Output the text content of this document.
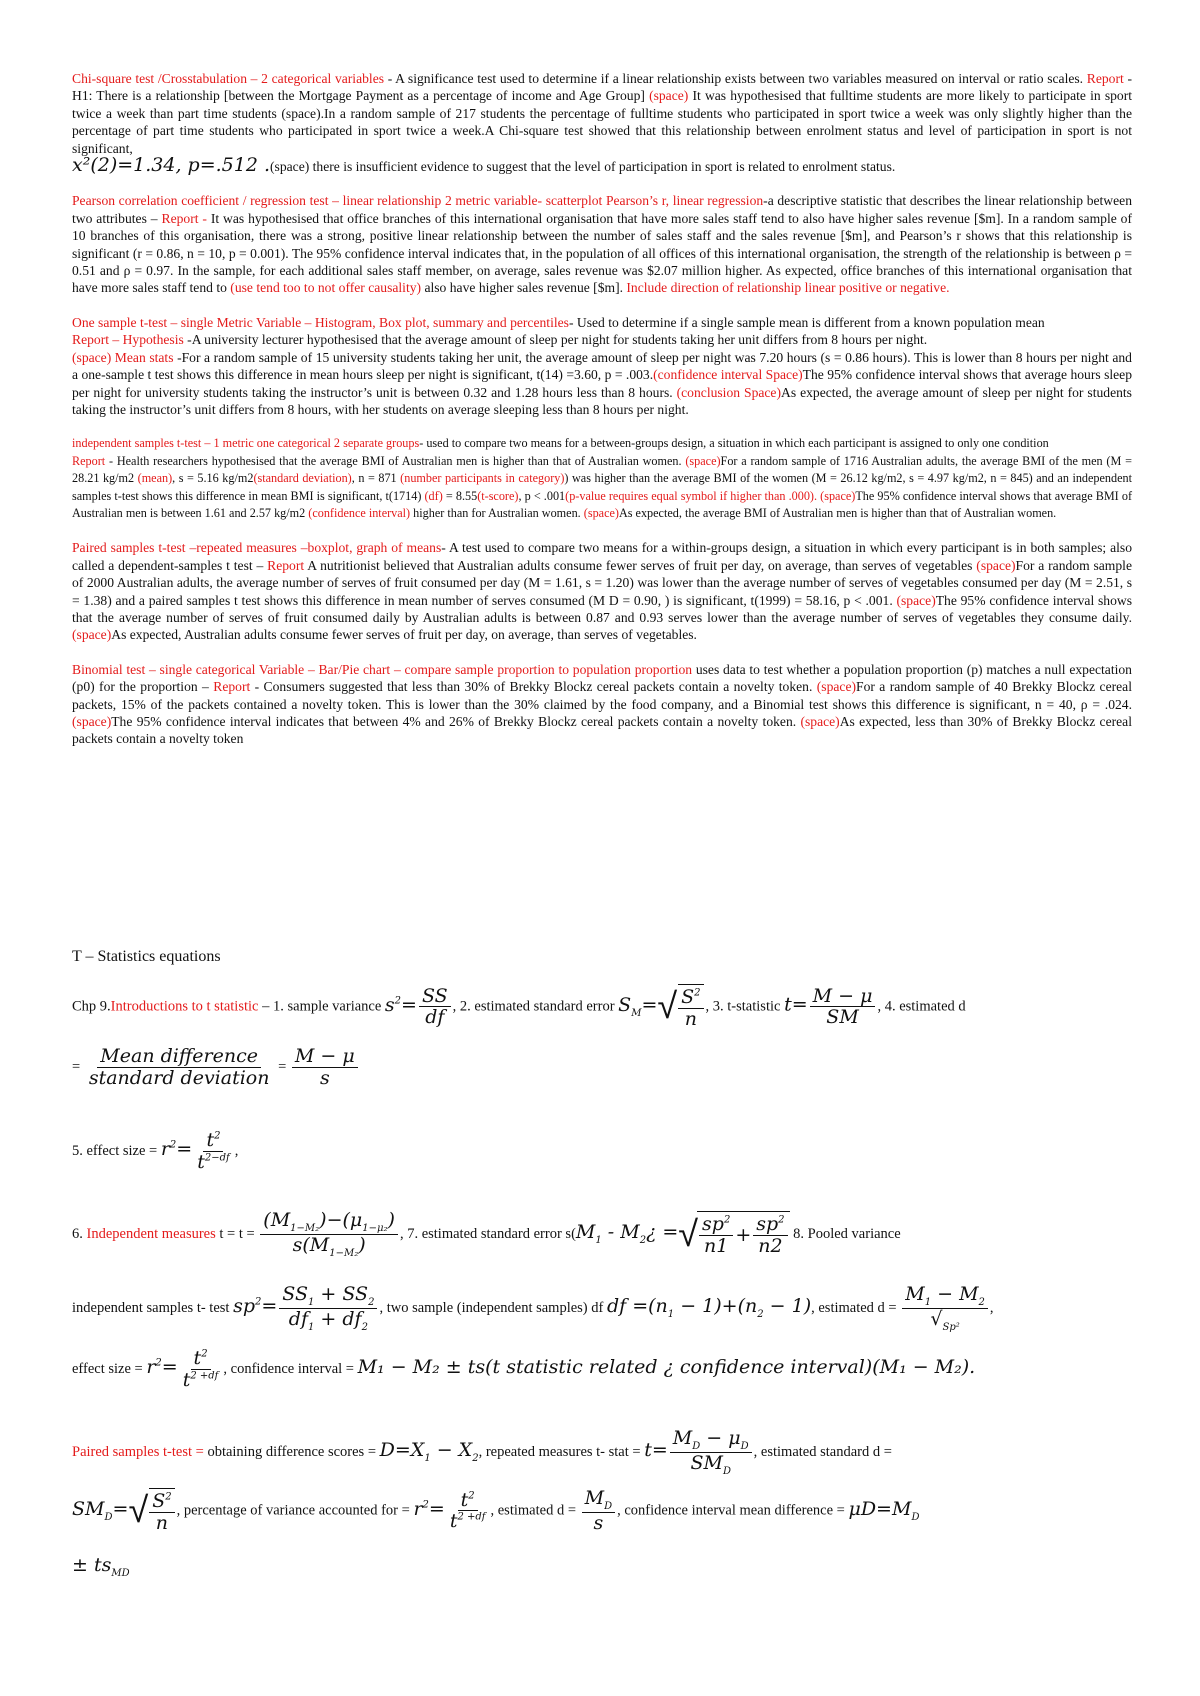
Chi-square test /Crosstabulation – 2 categorical variables - A significance test used to determine if a linear relationship exists between two variables measured on interval or ratio scales. Report - H1: There is a relationship [between the Mortgage Payment as a percentage of income and Age Group] (space) It was hypothesised that fulltime students are more likely to participate in sport twice a week than part time students (space).In a random sample of 217 students the percentage of fulltime students who participated in sport twice a week was only slightly higher than the percentage of part time students who participated in sport twice a week.A Chi-square test showed that this relationship between enrolment status and level of participation in sport is not significant,
x²(2)=1.34, p=.512 .(space) there is insufficient evidence to suggest that the level of participation in sport is related to enrolment status.

Pearson correlation coefficient / regression test – linear relationship 2 metric variable- scatterplot Pearson’s r, linear regression-a descriptive statistic that describes the linear relationship between two attributes – Report - It was hypothesised that office branches of this international organisation that have more sales staff tend to also have higher sales revenue [$m]. In a random sample of 10 branches of this organisation, there was a strong, positive linear relationship between the number of sales staff and the sales revenue [$m], and Pearson’s r shows that this relationship is significant (r = 0.86, n = 10, p = 0.001). The 95% confidence interval indicates that, in the population of all offices of this international organisation, the strength of the relationship is between ρ = 0.51 and ρ = 0.97. In the sample, for each additional sales staff member, on average, sales revenue was $2.07 million higher. As expected, office branches of this international organisation that have more sales staff tend to (use tend too to not offer causality) also have higher sales revenue [$m]. Include direction of relationship linear positive or negative.

One sample t-test – single Metric Variable – Histogram, Box plot, summary and percentiles- Used to determine if a single sample mean is different from a known population mean
Report – Hypothesis -A university lecturer hypothesised that the average amount of sleep per night for students taking her unit differs from 8 hours per night.
(space) Mean stats -For a random sample of 15 university students taking her unit, the average amount of sleep per night was 7.20 hours (s = 0.86 hours). This is lower than 8 hours per night and a one-sample t test shows this difference in mean hours sleep per night is significant, t(14) =3.60, p = .003.(confidence interval Space)The 95% confidence interval shows that average hours sleep per night for university students taking the instructor’s unit is between 0.32 and 1.28 hours less than 8 hours. (conclusion Space)As expected, the average amount of sleep per night for students taking the instructor’s unit differs from 8 hours, with her students on average sleeping less than 8 hours per night.

independent samples t-test – 1 metric one categorical 2 separate groups- used to compare two means for a between-groups design, a situation in which each participant is assigned to only one condition
Report - Health researchers hypothesised that the average BMI of Australian men is higher than that of Australian women. (space)For a random sample of 1716 Australian adults, the average BMI of the men (M = 28.21 kg/m2 (mean), s = 5.16 kg/m2(standard deviation), n = 871 (number participants in category)) was higher than the average BMI of the women (M = 26.12 kg/m2, s = 4.97 kg/m2, n = 845) and an independent samples t-test shows this difference in mean BMI is significant, t(1714) (df) = 8.55(t-score), p < .001(p-value requires equal symbol if higher than .000). (space)The 95% confidence interval shows that average BMI of Australian men is between 1.61 and 2.57 kg/m2 (confidence interval) higher than for Australian women. (space)As expected, the average BMI of Australian men is higher than that of Australian women.

Paired samples t-test –repeated measures –boxplot, graph of means- A test used to compare two means for a within-groups design, a situation in which every participant is in both samples; also called a dependent-samples t test – Report A nutritionist believed that Australian adults consume fewer serves of fruit per day, on average, than serves of vegetables (space)For a random sample of 2000 Australian adults, the average number of serves of fruit consumed per day (M = 1.61, s = 1.20) was lower than the average number of serves of vegetables consumed per day (M = 2.51, s = 1.38) and a paired samples t test shows this difference in mean number of serves consumed (M D = 0.90, ) is significant, t(1999) = 58.16, p < .001. (space)The 95% confidence interval shows that the average number of serves of fruit consumed daily by Australian adults is between 0.87 and 0.93 serves lower than the average number of serves of vegetables they consume daily. (space)As expected, Australian adults consume fewer serves of fruit per day, on average, than serves of vegetables.

Binomial test – single categorical Variable – Bar/Pie chart – compare sample proportion to population proportion uses data to test whether a population proportion (p) matches a null expectation (p0) for the proportion – Report - Consumers suggested that less than 30% of Brekky Blockz cereal packets contain a novelty token. (space)For a random sample of 40 Brekky Blockz cereal packets, 15% of the packets contained a novelty token. This is lower than the 30% claimed by the food company, and a Binomial test shows this difference is significant, n = 40, ρ = .024.(space)The 95% confidence interval indicates that between 4% and 26% of Brekky Blockz cereal packets contain a novelty token. (space)As expected, less than 30% of Brekky Blockz cereal packets contain a novelty token

T – Statistics equations

Chp 9.Introductions to t statistic – 1. sample variance $s^2= \frac{SS}{df}$ , 2. estimated standard error $S_M=$ √ $\frac{S^2}{n}$ , 3. t-statistic $t= \frac{M - \mu}{SM}$ , 4. estimated d
= $\frac{\text{Mean difference}}{\text{standard deviation}} = \frac{M - \mu}{s}$
5. effect size = $r^2= \frac{t^2}{t^{2-df}}$ ,
6. Independent measures $t = t = \frac{(M_{1-M_2})-(\mu_{1-\mu_2})}{s(M_{1-M_2})}$ , 7. estimated standard error $s(M_1$ - $M_2¿$ = √ $\frac{sp^2}{n1} + \frac{sp^2}{n2} 8$. Pooled variance
independent samples t- test $sp^2= \frac{SS_1 + SS_2}{df_1 + df_2}$ , two sample (independent samples) df df $=(n_1 - 1)+(n_2 - 1)$, estimated $d = \frac{M_1 - M_2}{√_{Sp^2}}$ ,
effect size = $r^2= \frac{t^2}{t^{2 +df}}$ , confidence interval = M₁ − M₂ ± ts(t statistic related ¿ confidence interval)(M₁ − M₂).
Paired samples t-test = obtaining difference scores = $D=X_1 - X_2$, repeated measures t- stat = $t= \frac{M_D - \mu_D}{SM_D}$ , estimated standard d =
$SM_D=$ √ $\frac{S^2}{n}$ , percentage of variance accounted for = $r^2= \frac{t^2}{t^{2 +df}}$ , estimated $d = \frac{M_D}{s}$ , confidence interval mean difference = $\mu D=M_D$
± $ts_{MD}$
